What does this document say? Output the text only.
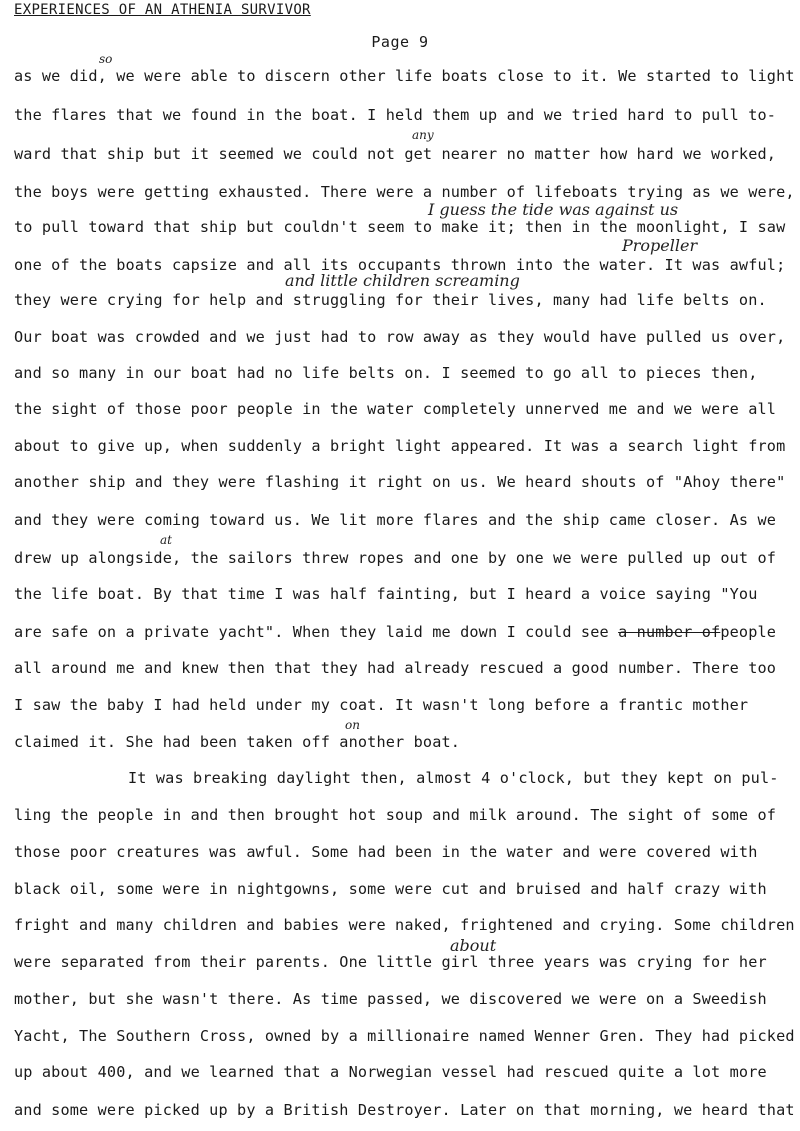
EXPERIENCES OF AN ATHENIA SURVIVOR
Page 9
as we did, we were able to discern other life boats close to it. We started to light
the flares that we found in the boat. I held them up and we tried hard to pull to-
ward that ship but it seemed we could not get nearer no matter how hard we worked,
the boys were getting exhausted. There were a number of lifeboats trying as we were,
to pull toward that ship but couldn't seem to make it; then in the moonlight, I saw
one of the boats capsize and all its occupants thrown into the water. It was awful;
they were crying for help and struggling for their lives, many had life belts on.
Our boat was crowded and we just had to row away as they would have pulled us over,
and so many in our boat had no life belts on. I seemed to go all to pieces then,
the sight of those poor people in the water completely unnerved me and we were all
about to give up, when suddenly a bright light appeared. It was a search light from
another ship and they were flashing it right on us. We heard shouts of "Ahoy there"
and they were coming toward us. We lit more flares and the ship came closer. As we
drew up alongside, the sailors threw ropes and one by one we were pulled up out of
the life boat. By that time I was half fainting, but I heard a voice saying "You
are safe on a private yacht". When they laid me down I could see a number ofpeople
all around me and knew then that they had already rescued a good number. There too
I saw the baby I had held under my coat. It wasn't long before a frantic mother
claimed it. She had been taken off another boat.
It was breaking daylight then, almost 4 o'clock, but they kept on pul-
ling the people in and then brought hot soup and milk around. The sight of some of
those poor creatures was awful. Some had been in the water and were covered with
black oil, some were in nightgowns, some were cut and bruised and half crazy with
fright and many children and babies were naked, frightened and crying. Some children
were separated from their parents. One little girl three years was crying for her
mother, but she wasn't there. As time passed, we discovered we were on a Sweedish
Yacht, The Southern Cross, owned by a millionaire named Wenner Gren. They had picked
up about 400, and we learned that a Norwegian vessel had rescued quite a lot more
and some were picked up by a British Destroyer. Later on that morning, we heard that
so
any
I guess the tide was against us
Propeller
and little children screaming
at
on
about
